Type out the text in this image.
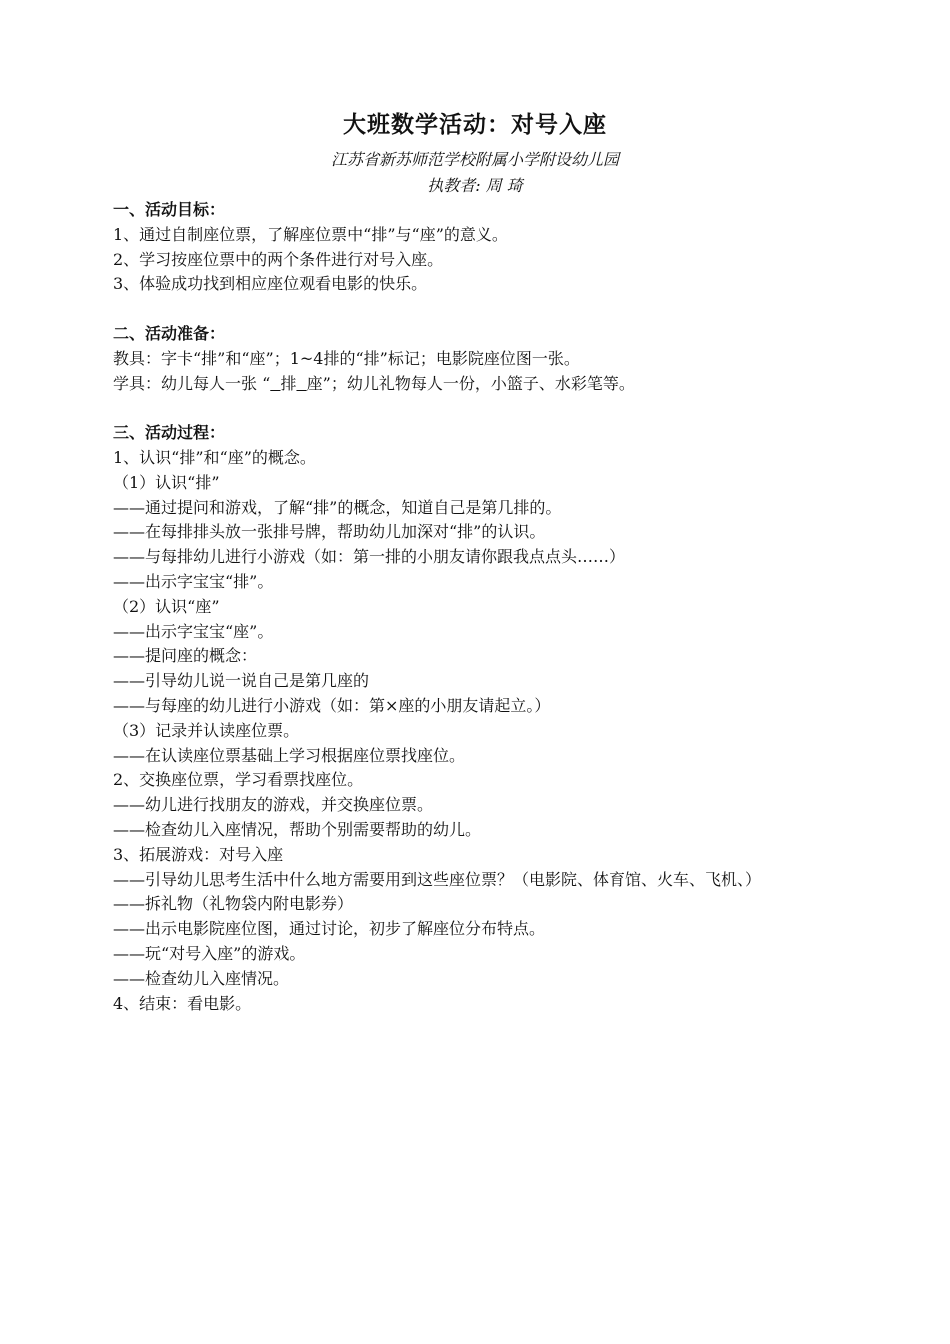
大班数学活动：对号入座
江苏省新苏师范学校附属小学附设幼儿园
执教者: 周 琦
一、活动目标：
1、通过自制座位票，了解座位票中“排”与“座”的意义。
2、学习按座位票中的两个条件进行对号入座。
3、体验成功找到相应座位观看电影的快乐。
二、活动准备：
教具：字卡“排”和“座”；1~4排的“排”标记；电影院座位图一张。
学具：幼儿每人一张 “ 排 座”；幼儿礼物每人一份，小篮子、水彩笔等。
三、活动过程：
1、认识“排”和“座”的概念。
（1）认识“排”
——通过提问和游戏，了解“排”的概念，知道自己是第几排的。
——在每排排头放一张排号牌，帮助幼儿加深对“排”的认识。
——与每排幼儿进行小游戏（如：第一排的小朋友请你跟我点点头……）
——出示字宝宝“排”。
（2）认识“座”
——出示字宝宝“座”。
——提问座的概念：
——引导幼儿说一说自己是第几座的
——与每座的幼儿进行小游戏（如：第×座的小朋友请起立。）
（3）记录并认读座位票。
——在认读座位票基础上学习根据座位票找座位。
2、交换座位票，学习看票找座位。
——幼儿进行找朋友的游戏，并交换座位票。
——检查幼儿入座情况，帮助个别需要帮助的幼儿。
3、拓展游戏：对号入座
——引导幼儿思考生活中什么地方需要用到这些座位票？（电影院、体育馆、火车、飞机、）
——拆礼物（礼物袋内附电影券）
——出示电影院座位图，通过讨论，初步了解座位分布特点。
——玩“对号入座”的游戏。
——检查幼儿入座情况。
4、结束：看电影。
